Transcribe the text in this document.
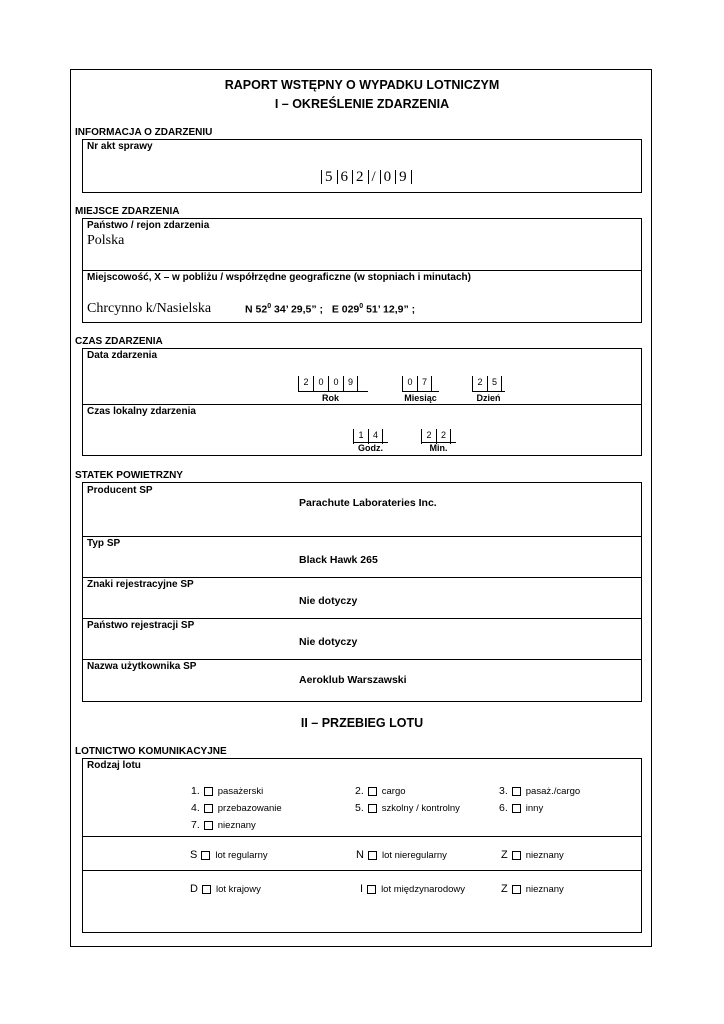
RAPORT WSTĘPNY O WYPADKU LOTNICZYM
I – OKREŚLENIE ZDARZENIA
INFORMACJA O ZDARZENIU
Nr akt sprawy
5 6 2 / 0 9
MIEJSCE ZDARZENIA
Państwo / rejon zdarzenia
Polska
Miejscowość, X – w pobliżu / współrzędne geograficzne (w stopniach i minutach)
Chrcynno k/Nasielska	N $52^0$ 34’ 29,5” ; E $029^0$ 51’ 12,9” ;
CZAS ZDARZENIA
Data zdarzenia
2	0	0	9
Rok
0	7
Miesiąc
2	5
Dzień
Czas lokalny zdarzenia
1	4
Godz.
2	2
Min.
STATEK POWIETRZNY
Producent SP
Parachute Laborateries Inc.
Typ SP
Black Hawk 265
Znaki rejestracyjne SP
Nie dotyczy
Państwo rejestracji SP
Nie dotyczy
Nazwa użytkownika SP
Aeroklub Warszawski
II – PRZEBIEG LOTU
LOTNICTWO KOMUNIKACYJNE
Rodzaj lotu
1. pasażerski	2. cargo	3. pasaż./cargo
4. przebazowanie	5. szkolny / kontrolny	6. inny
7. nieznany
S lot regularny	N lot nieregularny	Z nieznany
D lot krajowy	I lot międzynarodowy	Z nieznany
